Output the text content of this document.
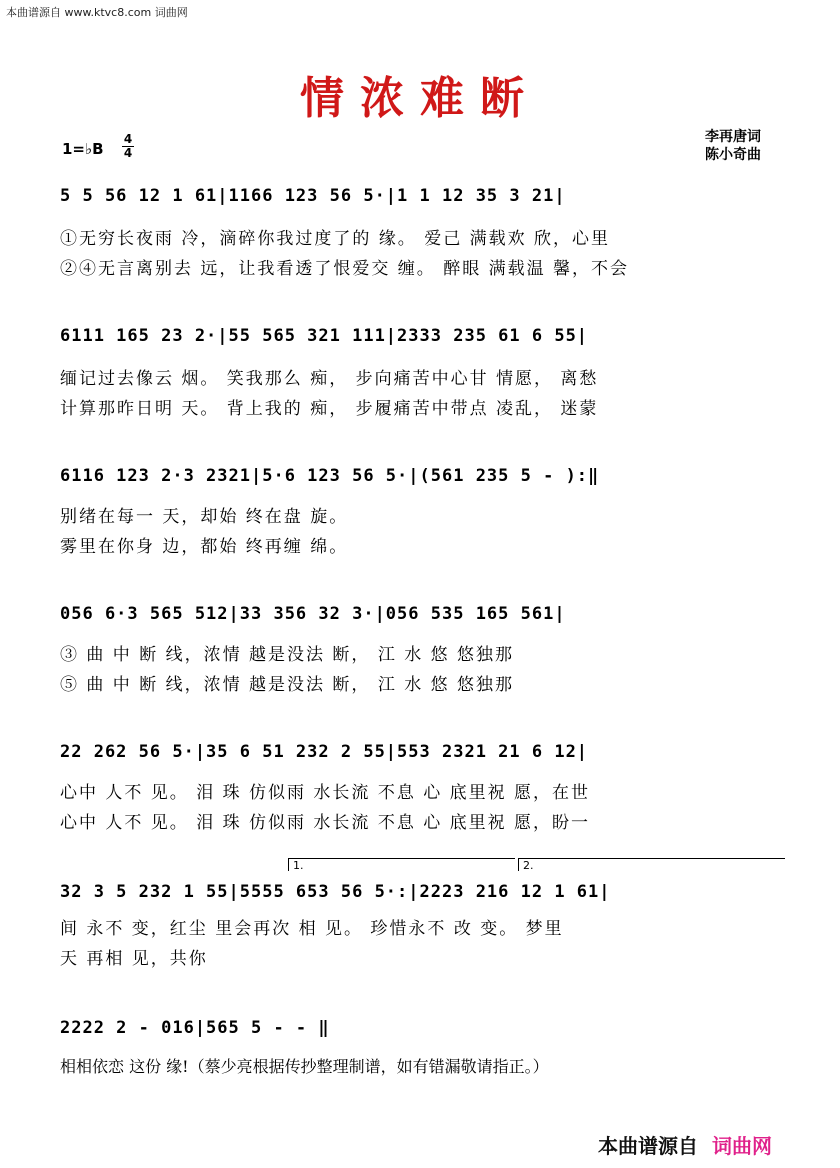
本曲谱源自 www.ktvc8.com 词曲网
情浓难断
1=♭B
4
4
李再唐词
陈小奇曲
5 5 56 12 1 61|1166 123 56 5·|1 1 12 35 3 21|
①无穷长夜雨 冷，滴碎你我过度了的 缘。 爱己 满载欢 欣，心里
②④无言离别去 远，让我看透了恨爱交 缠。 醉眼 满载温 馨，不会
6111 165 23 2·|55 565 321 111|2333 235 61 6 55|
缅记过去像云 烟。 笑我那么 痴， 步向痛苦中心甘 情愿， 离愁
计算那昨日明 天。 背上我的 痴， 步履痛苦中带点 凌乱， 迷蒙
6116 123 2·3 2321|5·6 123 56 5·|(561 235 5 - ):‖
别绪在每一 天，却始 终在盘 旋。
雾里在你身 边，都始 终再缠 绵。
056 6·3 565 512|33 356 32 3·|056 535 165 561|
③ 曲 中 断 线，浓情 越是没法 断， 江 水 悠 悠独那
⑤ 曲 中 断 线，浓情 越是没法 断， 江 水 悠 悠独那
22 262 56 5·|35 6 51 232 2 55|553 2321 21 6 12|
心中 人不 见。 泪 珠 仿似雨 水长流 不息 心 底里祝 愿，在世
心中 人不 见。 泪 珠 仿似雨 水长流 不息 心 底里祝 愿，盼一
1.	2.
32 3 5 232 1 55|5555 653 56 5·:|2223 216 12 1 61|
间 永不 变，红尘 里会再次 相 见。 珍惜永不 改 变。 梦里
天 再相 见，共你
2222 2 - 016|565 5 - - ‖
相相依恋 这份 缘!（蔡少亮根据传抄整理制谱，如有错漏敬请指正。）
本曲谱源自 词曲网
